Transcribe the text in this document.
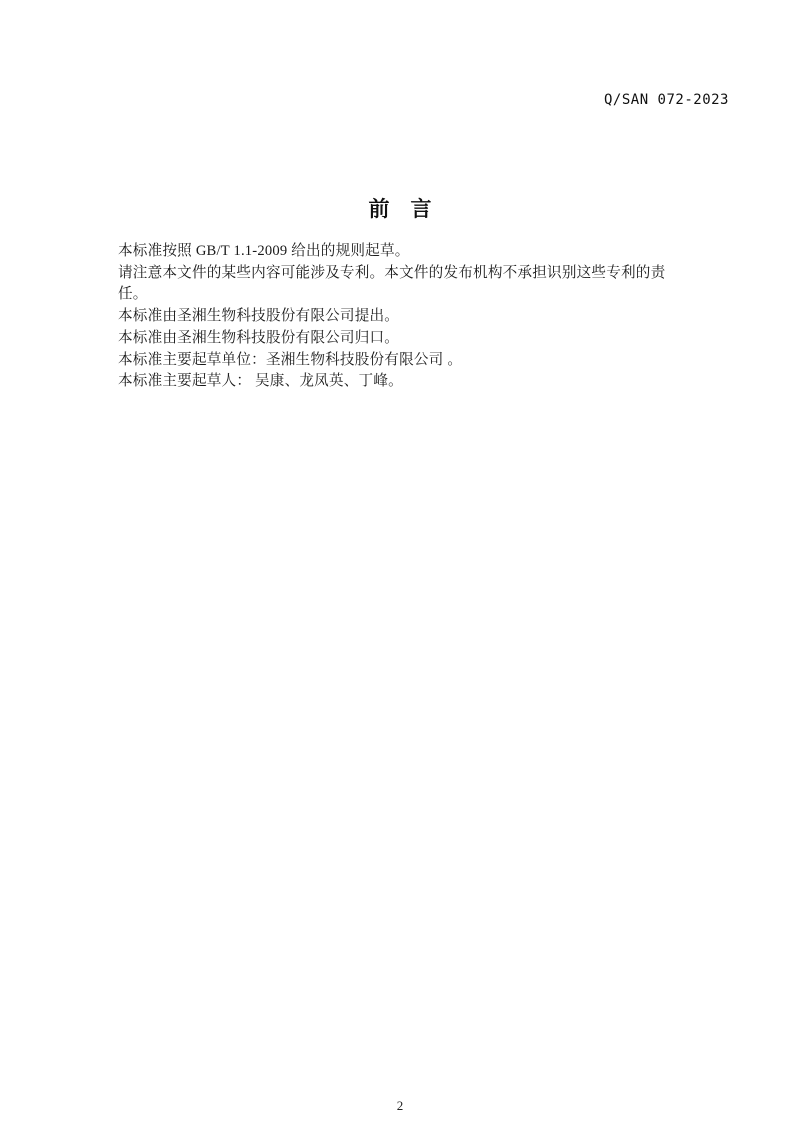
Q/SAN 072-2023
前　言

本标准按照 GB/T 1.1-2009 给出的规则起草。

请注意本文件的某些内容可能涉及专利。本文件的发布机构不承担识别这些专利的责任。

本标准由圣湘生物科技股份有限公司提出。

本标准由圣湘生物科技股份有限公司归口。

本标准主要起草单位：圣湘生物科技股份有限公司 。

本标准主要起草人： 吴康、龙凤英、丁峰。

2
